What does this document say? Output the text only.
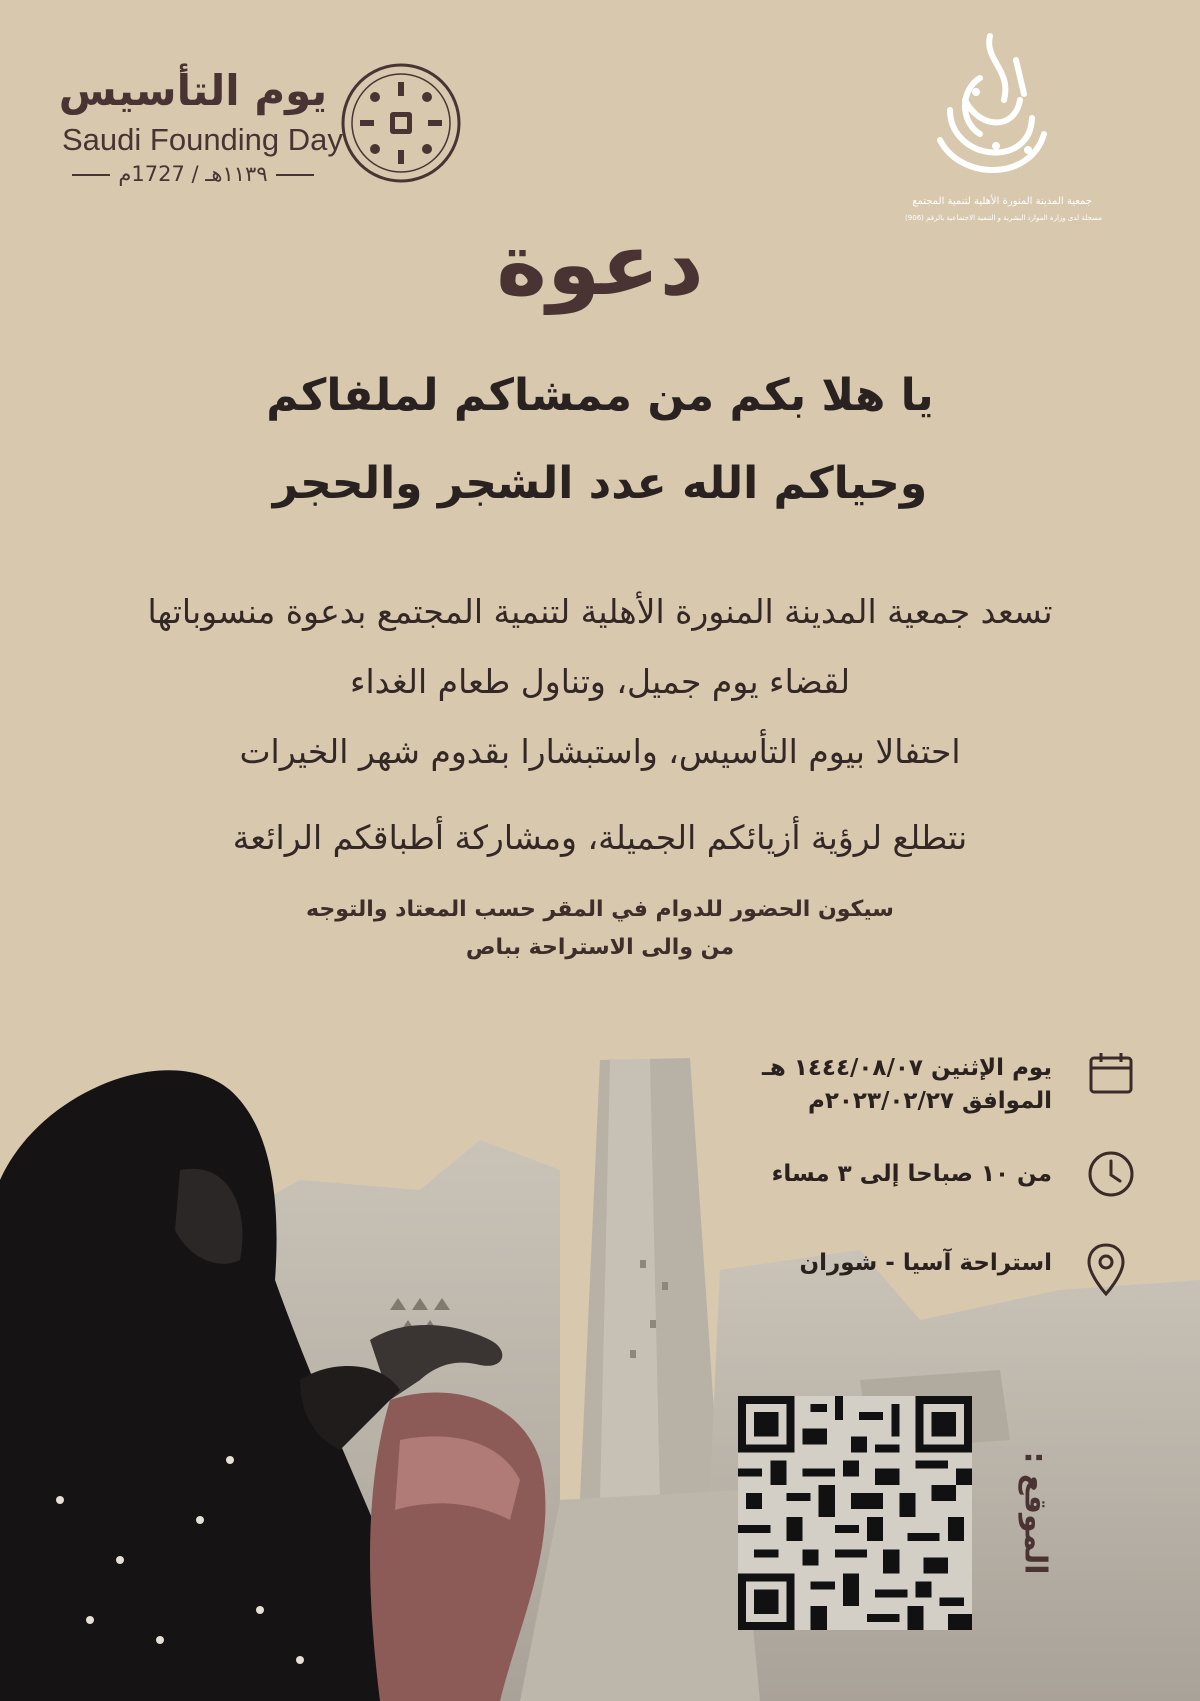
يوم التأسيس
Saudi Founding Day
١١٣٩هـ / 1727م
جمعية المدينة المنورة الأهلية لتنمية المجتمع
مسجلة لدى وزارة الموارد البشرية و التنمية الاجتماعية بالرقم (906)
دعوة
يا هلا بكم من ممشاكم لملفاكم
وحياكم الله عدد الشجر والحجر
تسعد جمعية المدينة المنورة الأهلية لتنمية المجتمع بدعوة منسوباتها
لقضاء يوم جميل، وتناول طعام الغداء
احتفالا بيوم التأسيس، واستبشارا بقدوم شهر الخيرات
نتطلع لرؤية أزيائكم الجميلة، ومشاركة أطباقكم الرائعة
سيكون الحضور للدوام في المقر حسب المعتاد والتوجه
من والى الاستراحة بباص
يوم الإثنين ١٤٤٤/٠٨/٠٧ هـ
الموافق ٢٠٢٣/٠٢/٢٧م
من ١٠ صباحا إلى ٣ مساء
استراحة آسيا - شوران
الموقع :
